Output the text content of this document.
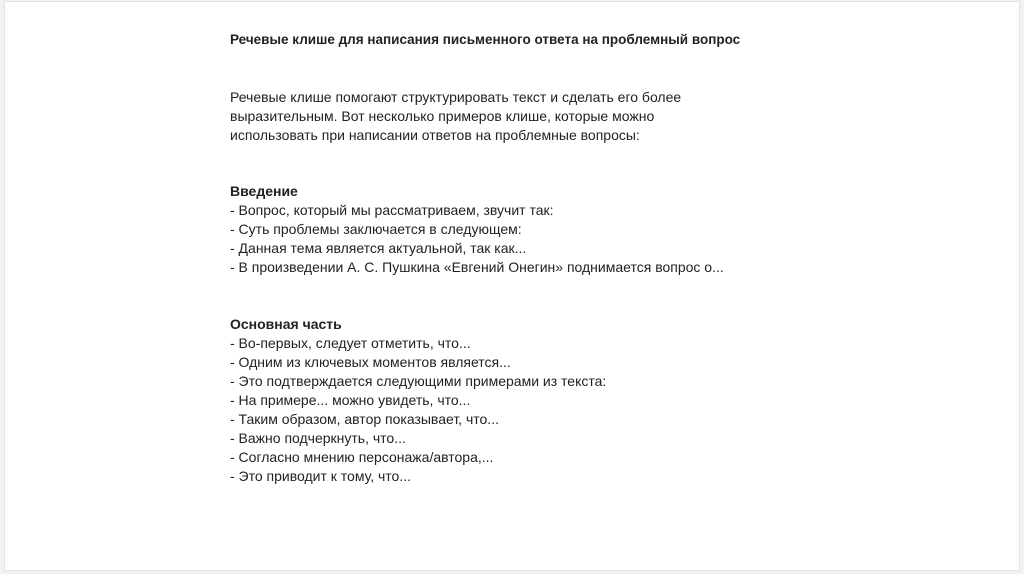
Речевые клише для написания письменного ответа на проблемный вопрос

Речевые клише помогают структурировать текст и сделать его более выразительным. Вот несколько примеров клише, которые можно использовать при написании ответов на проблемные вопросы:

Введение

- Вопрос, который мы рассматриваем, звучит так:
- Суть проблемы заключается в следующем:
- Данная тема является актуальной, так как...
- В произведении А. С. Пушкина «Евгений Онегин» поднимается вопрос о...

Основная часть

- Во-первых, следует отметить, что...
- Одним из ключевых моментов является...
- Это подтверждается следующими примерами из текста:
- На примере... можно увидеть, что...
- Таким образом, автор показывает, что...
- Важно подчеркнуть, что...
- Согласно мнению персонажа/автора,...
- Это приводит к тому, что...
